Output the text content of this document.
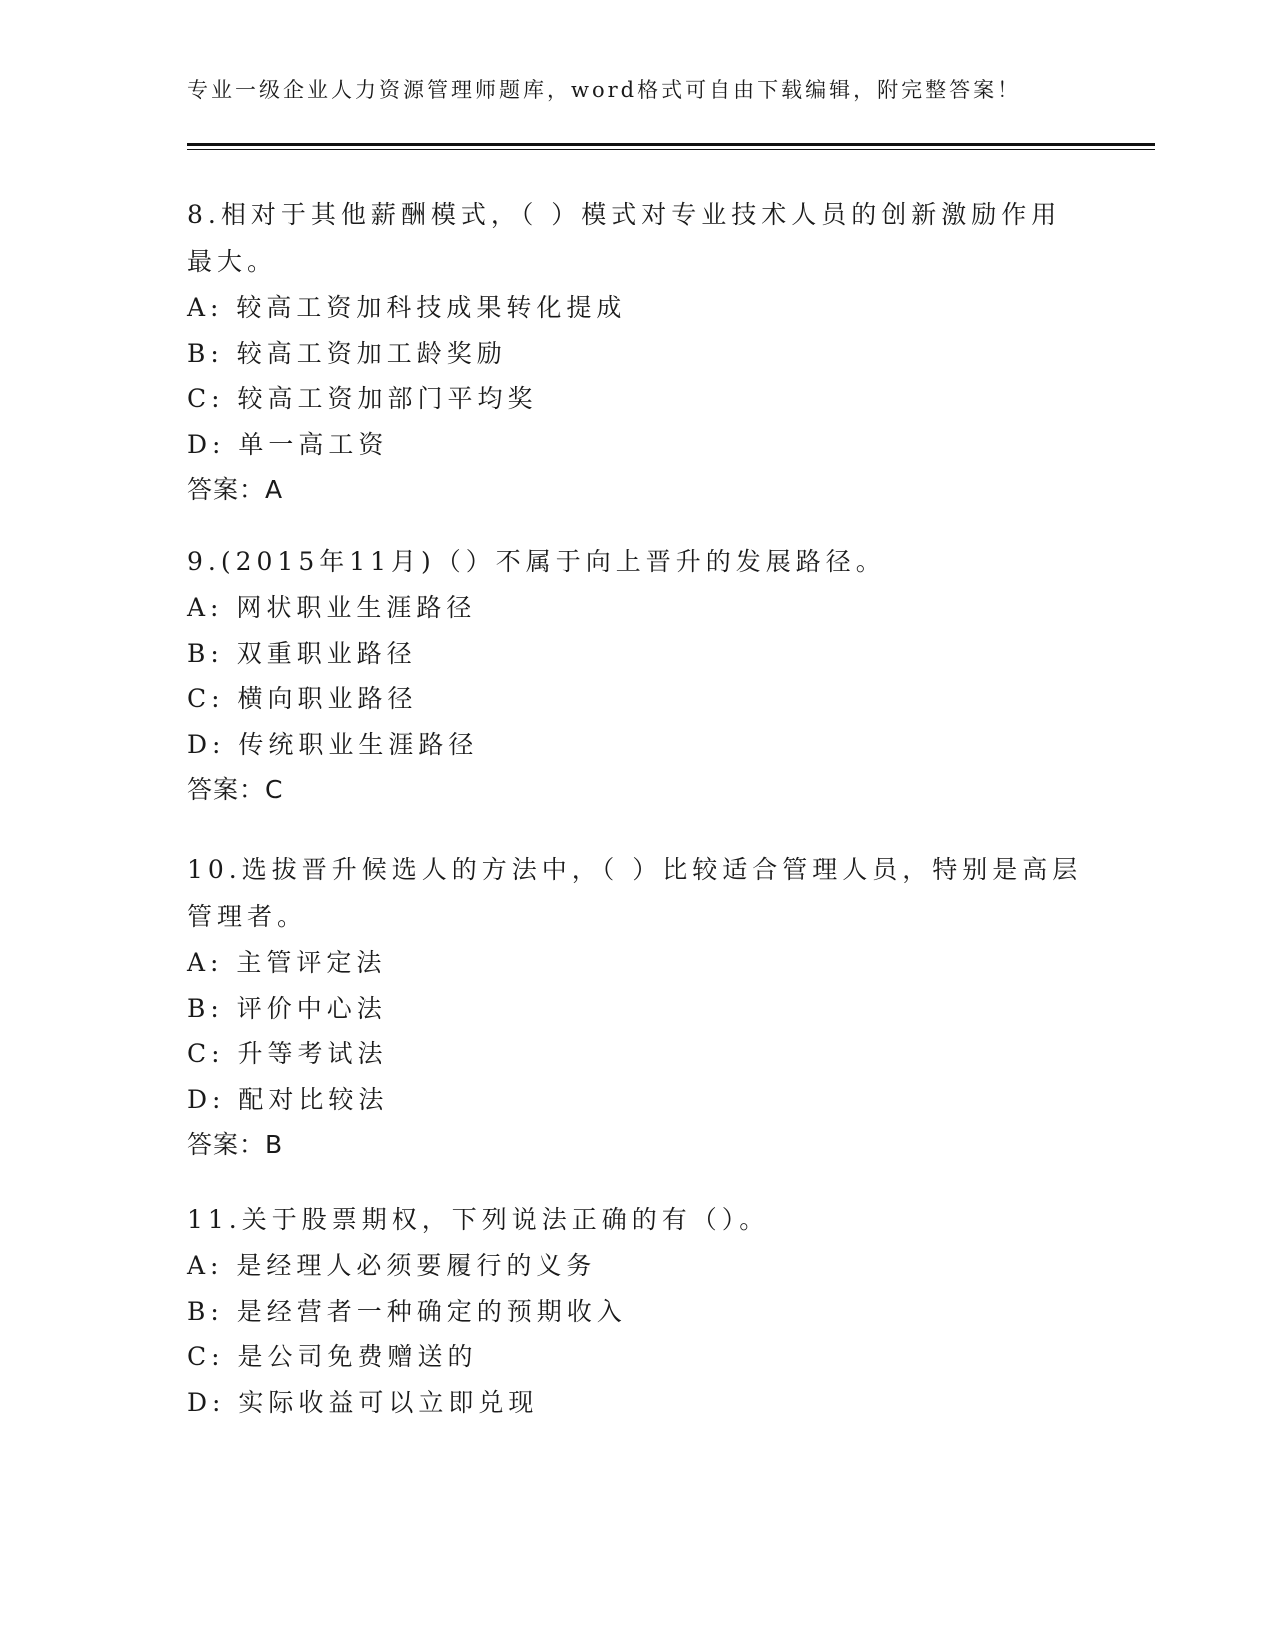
专业一级企业人力资源管理师题库，word格式可自由下载编辑，附完整答案！

8.相对于其他薪酬模式，（ ）模式对专业技术人员的创新激励作用最大。

A: 较高工资加科技成果转化提成

B: 较高工资加工龄奖励

C: 较高工资加部门平均奖

D: 单一高工资

答案：A

9.(2015年11月)（）不属于向上晋升的发展路径。

A: 网状职业生涯路径

B: 双重职业路径

C: 横向职业路径

D: 传统职业生涯路径

答案：C

10.选拔晋升候选人的方法中，（ ）比较适合管理人员，特别是高层管理者。

A: 主管评定法

B: 评价中心法

C: 升等考试法

D: 配对比较法

答案：B

11.关于股票期权，下列说法正确的有（）。

A: 是经理人必须要履行的义务

B: 是经营者一种确定的预期收入

C: 是公司免费赠送的

D: 实际收益可以立即兑现
